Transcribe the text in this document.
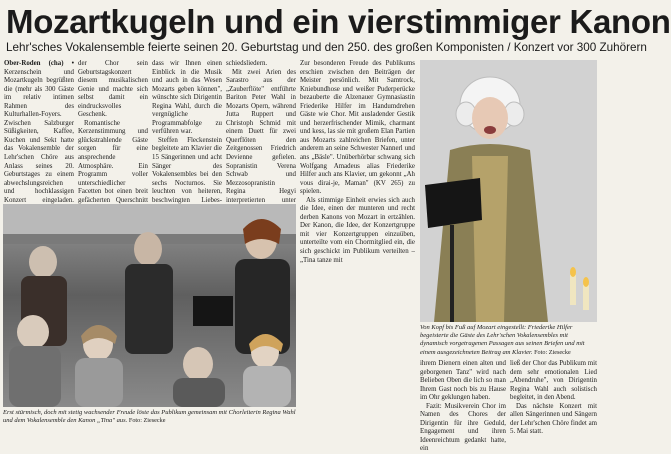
Mozartkugeln und ein vierstimmiger Kanon
Lehr'sches Vokalensemble feierte seinen 20. Geburtstag und den 250. des großen Komponisten / Konzert vor 300 Zuhörern

Ober-Roden (cha) • Kerzenschein und Mozartkugeln begrüßten die (mehr als 300 Gäste im relativ intimen Rahmen des Kulturhallen-Foyers. Zwischen Salzburger Süßigkeiten, Kaffee, Kuchen und Sekt hatte das Vokalensemble der Lehr'schen Chöre aus Anlass seines 20. Geburtstages zu einem abwechslungsreichen und hochklassigen Konzert eingeladen.

der Chor sein Geburtstagskonzert diesem musikalischen Genie und machte sich selbst damit ein eindrucksvolles Geschenk.

Romantische Kerzenstimmung und glückstrahlende Gäste sorgen für eine ansprechende Atmosphäre. Ein Programm voller unterschiedlicher Facetten bot einen breit gefächerten Querschnitt

dass wir Ihnen einen Einblick in die Musik und auch in das Wesen Mozarts geben können", wünschte sich Dirigentin Regina Wahl, durch die vergnügliche Programmabfolge zu verführen war.

Steffen Fleckenstein begleitete am Klavier die 15 Sängerinnen und acht Sänger des Vokalensembles bei den sechs Nocturnos. Sie leuchten von heiteren, beschwingten Liebes-

schiedsliedern.

Mit zwei Arien des Sarastro aus der „Zauberflöte" entführte Bariton Peter Wahl in Mozarts Opern, während Jutta Ruppert und Christoph Schmid mit einem Duett für zwei Querflöten den Zeitgenossen Friedrich Devienne gefielen. Sopranistin Verena Schwab und Mezzosopranistin Regina Hegyi interpretierten unter

Zur besonderen Freude des Publikums erschien zwischen den Beiträgen der Meister persönlich. Mit Samtrock, Kniebundhose und weißer Puderperücke bezauberte die Alzenauer Gymnasiastin Friederike Hilfer im Handumdrehen Gäste wie Chor. Mit ausladender Gestik und herzerfrischender Mimik, charmant und kess, las sie mit großem Elan Partien aus Mozarts zahlreichen Briefen, unter anderem an seine Schwester Nannerl und ans „Bäsle". Unüberhörbar schwang sich Wolfgang Amadeus alias Friederike Hilfer auch ans Klavier, um gekonnt „Ah vous dirai-je, Maman" (KV 265) zu spielen.

Als stimmige Einheit erwies sich auch die Idee, einen der munteren und recht derben Kanons von Mozart in ertzählen. Der Kanon, die Idee, der Konzertgruppe mit vier Konzertgruppen einzuüben, unterteilte vom ein Chormitglied ein, die sich geschickt im Publikum verteilten – „Tina tanze mit

Erst stürmisch, doch mit stetig wachsender Freude löste das Publikum gemeinsam mit Chorleiterin Regina Wahl und dem Vokalensemble den Kanon „Tina" aus. Foto: Ziesecke
Von Kopf bis Fuß auf Mozart eingestellt: Friederike Hilfer begeisterte die Gäste des Lehr'schen Vokalensembles mit dynamisch vorgetragenen Passagen aus seinen Briefen und mit einem ausgezeichneten Beitrag am Klavier. Foto: Ziesecke

ihrem Dienern einen alten und geborgenen Tanz" wird nach Belieben Oben die lich so man Ihrem Gast noch bis zu Hause im Ohr geklungen haben.

Fazit: Musikverein Chor im Namen des Chores der Dirigentin für ihre Geduld, Engagement und ihren Ideenreichtum gedankt hatte, ein

ließ der Chor das Publikum mit dem sehr emotionalen Lied „Abendruhe", von Dirigentin Regina Wahl auch solistisch begleitet, in den Abend.

Das nächste Konzert mit allen Sängerinnen und Sängern der Lehr'schen Chöre findet am 5. Mai statt.
